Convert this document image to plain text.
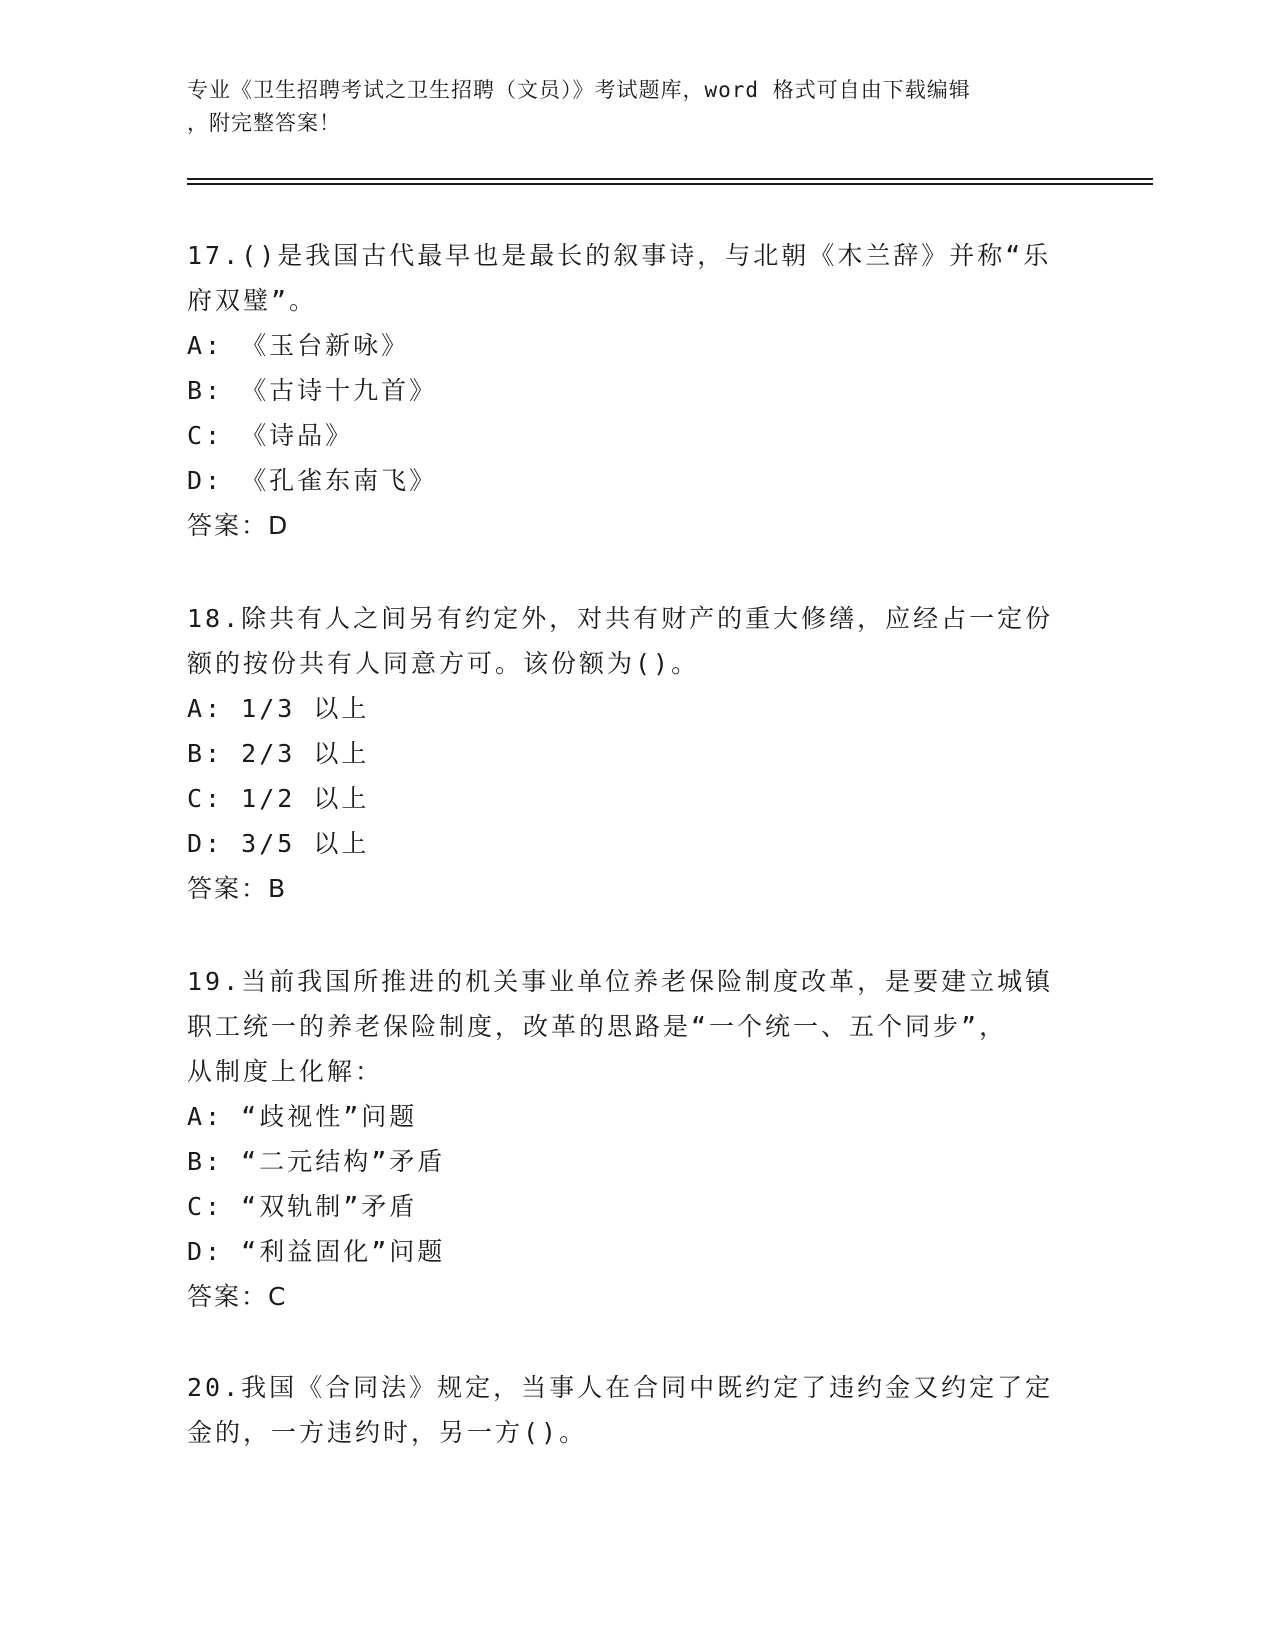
专业《卫生招聘考试之卫生招聘（文员）》考试题库，word 格式可自由下载编辑
，附完整答案！

17.()是我国古代最早也是最长的叙事诗，与北朝《木兰辞》并称“乐

府双璧”。

A: 《玉台新咏》

B: 《古诗十九首》

C: 《诗品》

D: 《孔雀东南飞》

答案：D

18.除共有人之间另有约定外，对共有财产的重大修缮，应经占一定份

额的按份共有人同意方可。该份额为()。

A: 1/3 以上

B: 2/3 以上

C: 1/2 以上

D: 3/5 以上

答案：B

19.当前我国所推进的机关事业单位养老保险制度改革，是要建立城镇

职工统一的养老保险制度，改革的思路是“一个统一、五个同步”，

从制度上化解：

A: “歧视性”问题

B: “二元结构”矛盾

C: “双轨制”矛盾

D: “利益固化”问题

答案：C

20.我国《合同法》规定，当事人在合同中既约定了违约金又约定了定

金的，一方违约时，另一方()。
